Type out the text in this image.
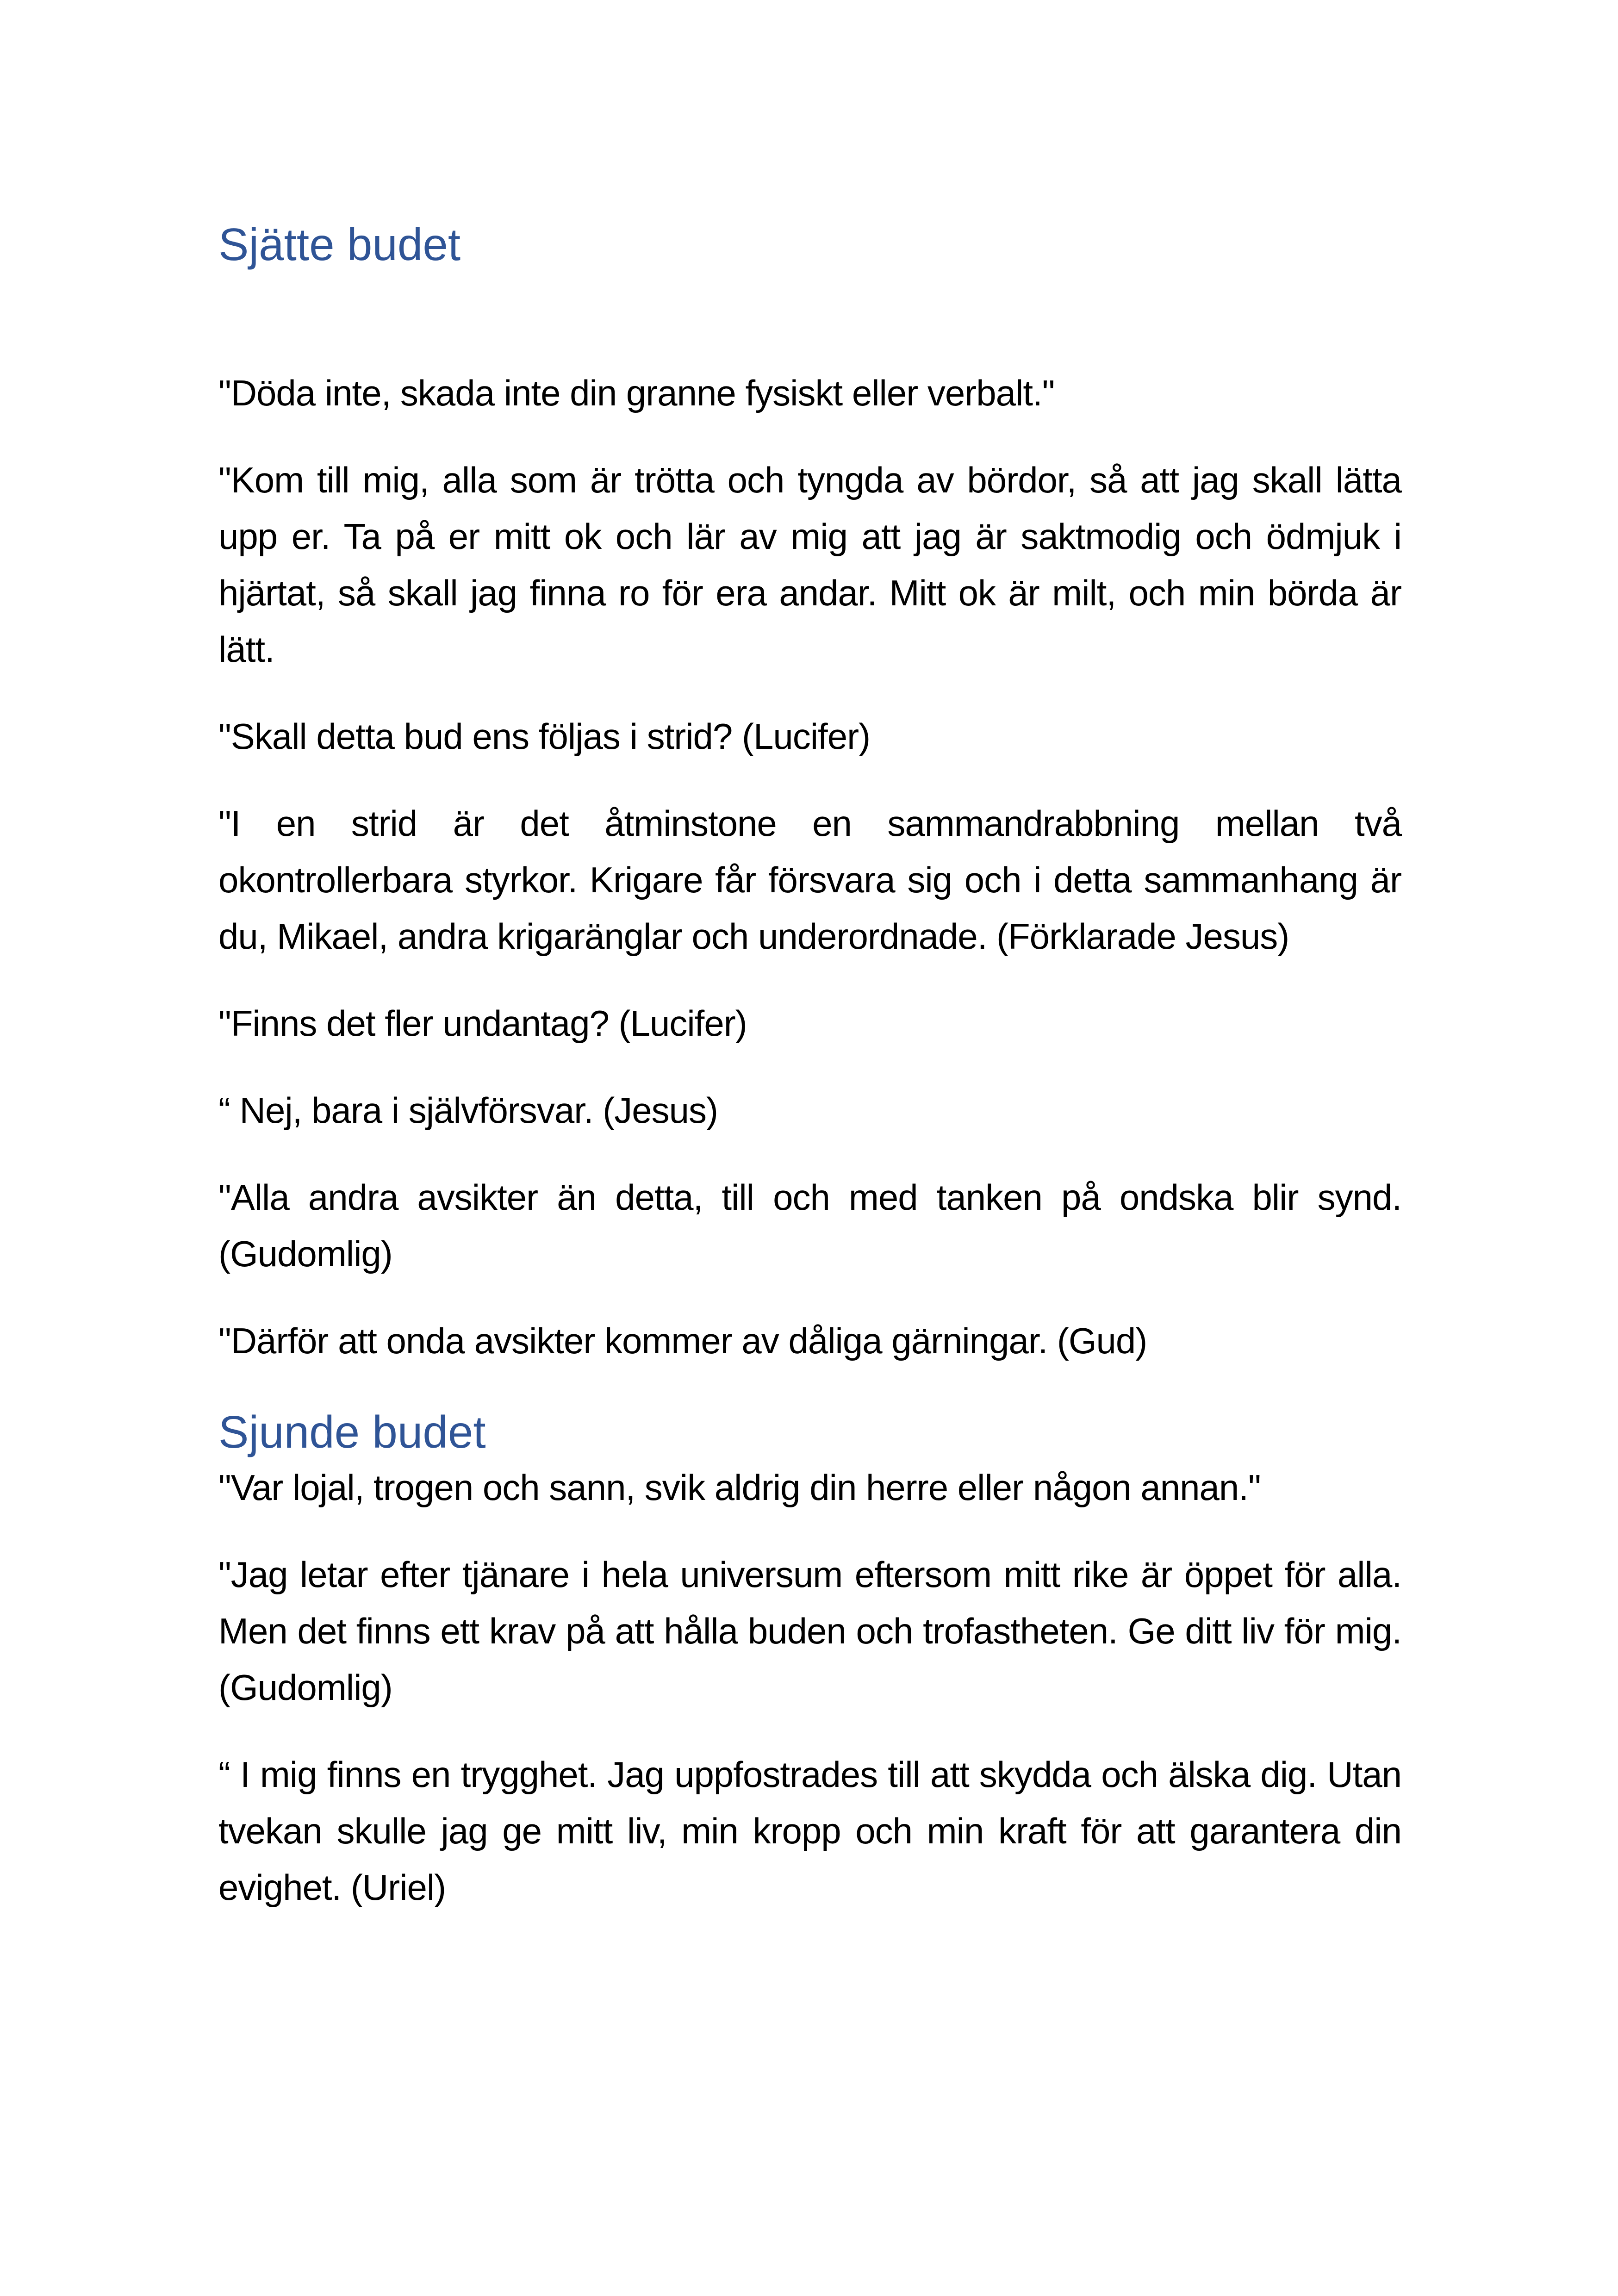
Sjätte budet

"Döda inte, skada inte din granne fysiskt eller verbalt."

"Kom till mig, alla som är trötta och tyngda av bördor, så att jag skall lätta upp er. Ta på er mitt ok och lär av mig att jag är saktmodig och ödmjuk i hjärtat, så skall jag finna ro för era andar. Mitt ok är milt, och min börda är lätt.

"Skall detta bud ens följas i strid? (Lucifer)

"I en strid är det åtminstone en sammandrabbning mellan två okontrollerbara styrkor. Krigare får försvara sig och i detta sammanhang är du, Mikael, andra krigaränglar och underordnade. (Förklarade Jesus)

"Finns det fler undantag? (Lucifer)

“ Nej, bara i självförsvar. (Jesus)

"Alla andra avsikter än detta, till och med tanken på ondska blir synd. (Gudomlig)

"Därför att onda avsikter kommer av dåliga gärningar. (Gud)

Sjunde budet

"Var lojal, trogen och sann, svik aldrig din herre eller någon annan."

"Jag letar efter tjänare i hela universum eftersom mitt rike är öppet för alla. Men det finns ett krav på att hålla buden och trofastheten. Ge ditt liv för mig. (Gudomlig)

“ I mig finns en trygghet. Jag uppfostrades till att skydda och älska dig. Utan tvekan skulle jag ge mitt liv, min kropp och min kraft för att garantera din evighet. (Uriel)
